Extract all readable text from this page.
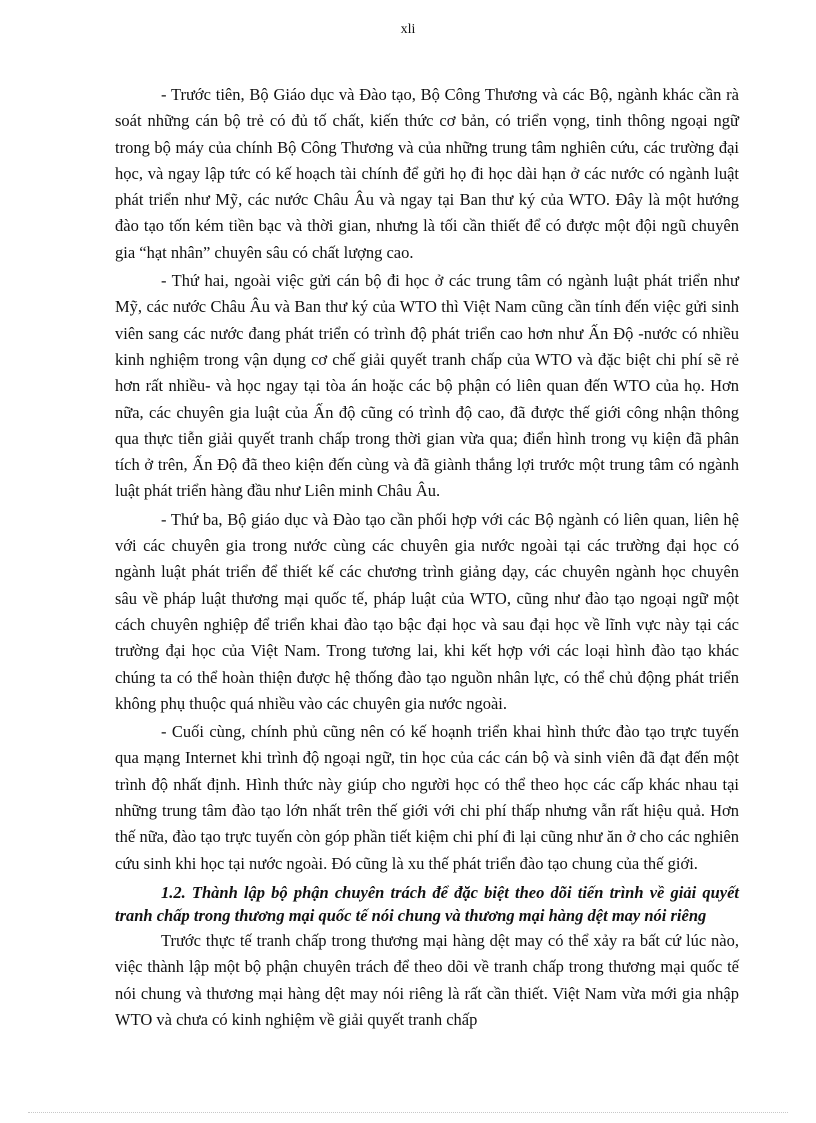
xli

- Trước tiên, Bộ Giáo dục và Đào tạo, Bộ Công Thương và các Bộ, ngành khác cần rà soát những cán bộ trẻ có đủ tố chất, kiến thức cơ bản, có triển vọng, tinh thông ngoại ngữ trong bộ máy của chính Bộ Công Thương và của những trung tâm nghiên cứu, các trường đại học, và ngay lập tức có kế hoạch tài chính để gửi họ đi học dài hạn ở các nước có ngành luật phát triển như Mỹ, các nước Châu Âu và ngay tại Ban thư ký của WTO. Đây là một hướng đào tạo tốn kém tiền bạc và thời gian, nhưng là tối cần thiết để có được một đội ngũ chuyên gia “hạt nhân” chuyên sâu có chất lượng cao.

- Thứ hai, ngoài việc gửi cán bộ đi học ở các trung tâm có ngành luật phát triển như Mỹ, các nước Châu Âu và Ban thư ký của WTO thì Việt Nam cũng cần tính đến việc gửi sinh viên sang các nước đang phát triển có trình độ phát triển cao hơn như Ấn Độ -nước có nhiều kinh nghiệm trong vận dụng cơ chế giải quyết tranh chấp của WTO và đặc biệt chi phí sẽ rẻ hơn rất nhiều- và học ngay tại tòa án hoặc các bộ phận có liên quan đến WTO của họ. Hơn nữa, các chuyên gia luật của Ấn độ cũng có trình độ cao, đã được thế giới công nhận thông qua thực tiễn giải quyết tranh chấp trong thời gian vừa qua; điển hình trong vụ kiện đã phân tích ở trên, Ấn Độ đã theo kiện đến cùng và đã giành thắng lợi trước một trung tâm có ngành luật phát triển hàng đầu như Liên minh Châu Âu.

- Thứ ba, Bộ giáo dục và Đào tạo cần phối hợp với các Bộ ngành có liên quan, liên hệ với các chuyên gia trong nước cùng các chuyên gia nước ngoài tại các trường đại học có ngành luật phát triển để thiết kế các chương trình giảng dạy, các chuyên ngành học chuyên sâu về pháp luật thương mại quốc tế, pháp luật của WTO, cũng như đào tạo ngoại ngữ một cách chuyên nghiệp để triển khai đào tạo bậc đại học và sau đại học về lĩnh vực này tại các trường đại học của Việt Nam. Trong tương lai, khi kết hợp với các loại hình đào tạo khác chúng ta có thể hoàn thiện được hệ thống đào tạo nguồn nhân lực, có thể chủ động phát triển không phụ thuộc quá nhiều vào các chuyên gia nước ngoài.

- Cuối cùng, chính phủ cũng nên có kế hoạnh triển khai hình thức đào tạo trực tuyến qua mạng Internet khi trình độ ngoại ngữ, tin học của các cán bộ và sinh viên đã đạt đến một trình độ nhất định. Hình thức này giúp cho người học có thể theo học các cấp khác nhau tại những trung tâm đào tạo lớn nhất trên thế giới với chi phí thấp nhưng vẫn rất hiệu quả. Hơn thế nữa, đào tạo trực tuyến còn góp phần tiết kiệm chi phí đi lại cũng như ăn ở cho các nghiên cứu sinh khi học tại nước ngoài. Đó cũng là xu thế phát triển đào tạo chung của thế giới.

1.2. Thành lập bộ phận chuyên trách để đặc biệt theo dõi tiến trình về giải quyết tranh chấp trong thương mại quốc tế nói chung và thương mại hàng dệt may nói riêng

Trước thực tế tranh chấp trong thương mại hàng dệt may có thể xảy ra bất cứ lúc nào, việc thành lập một bộ phận chuyên trách để theo dõi về tranh chấp trong thương mại quốc tế nói chung và thương mại hàng dệt may nói riêng là rất cần thiết. Việt Nam vừa mới gia nhập WTO và chưa có kinh nghiệm về giải quyết tranh chấp
